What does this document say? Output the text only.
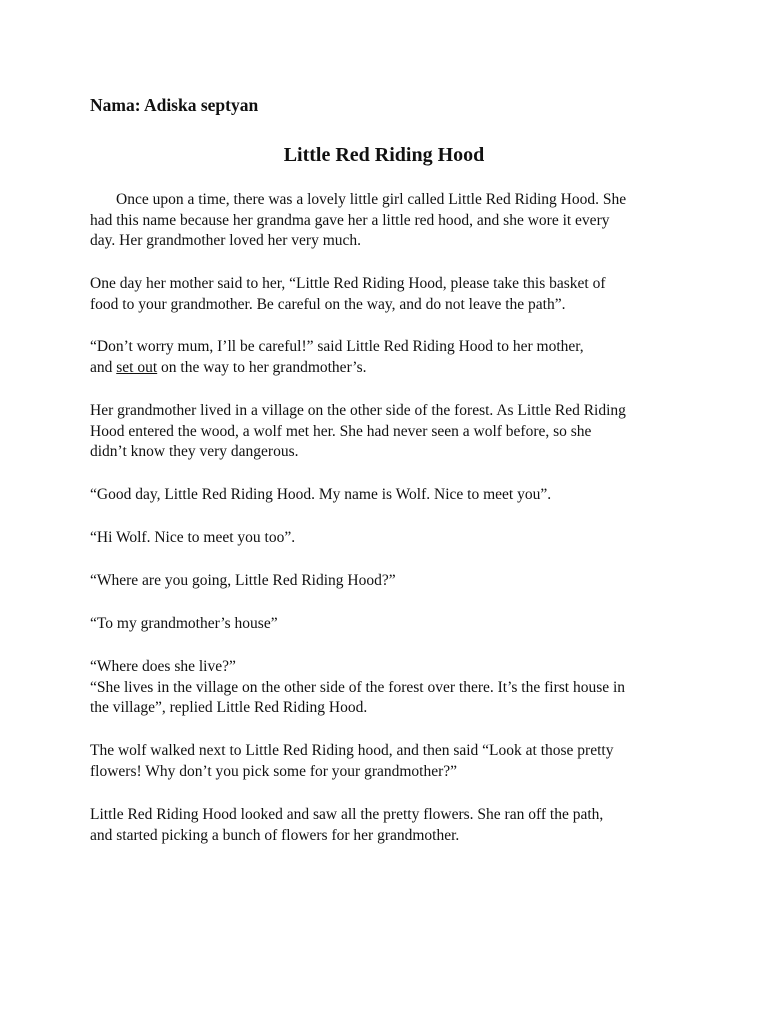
Nama: Adiska septyan
Little Red Riding Hood
Once upon a time, there was a lovely little girl called Little Red Riding Hood. She
had this name because her grandma gave her a little red hood, and she wore it every
day. Her grandmother loved her very much.
One day her mother said to her, “Little Red Riding Hood, please take this basket of
food to your grandmother. Be careful on the way, and do not leave the path”.
“Don’t worry mum, I’ll be careful!” said Little Red Riding Hood to her mother,
and set out on the way to her grandmother’s.
Her grandmother lived in a village on the other side of the forest. As Little Red Riding
Hood entered the wood, a wolf met her. She had never seen a wolf before, so she
didn’t know they very dangerous.
“Good day, Little Red Riding Hood. My name is Wolf. Nice to meet you”.
“Hi Wolf. Nice to meet you too”.
“Where are you going, Little Red Riding Hood?”
“To my grandmother’s house”
“Where does she live?”
“She lives in the village on the other side of the forest over there. It’s the first house in
the village”, replied Little Red Riding Hood.
The wolf walked next to Little Red Riding hood, and then said “Look at those pretty
flowers! Why don’t you pick some for your grandmother?”
Little Red Riding Hood looked and saw all the pretty flowers. She ran off the path,
and started picking a bunch of flowers for her grandmother.
